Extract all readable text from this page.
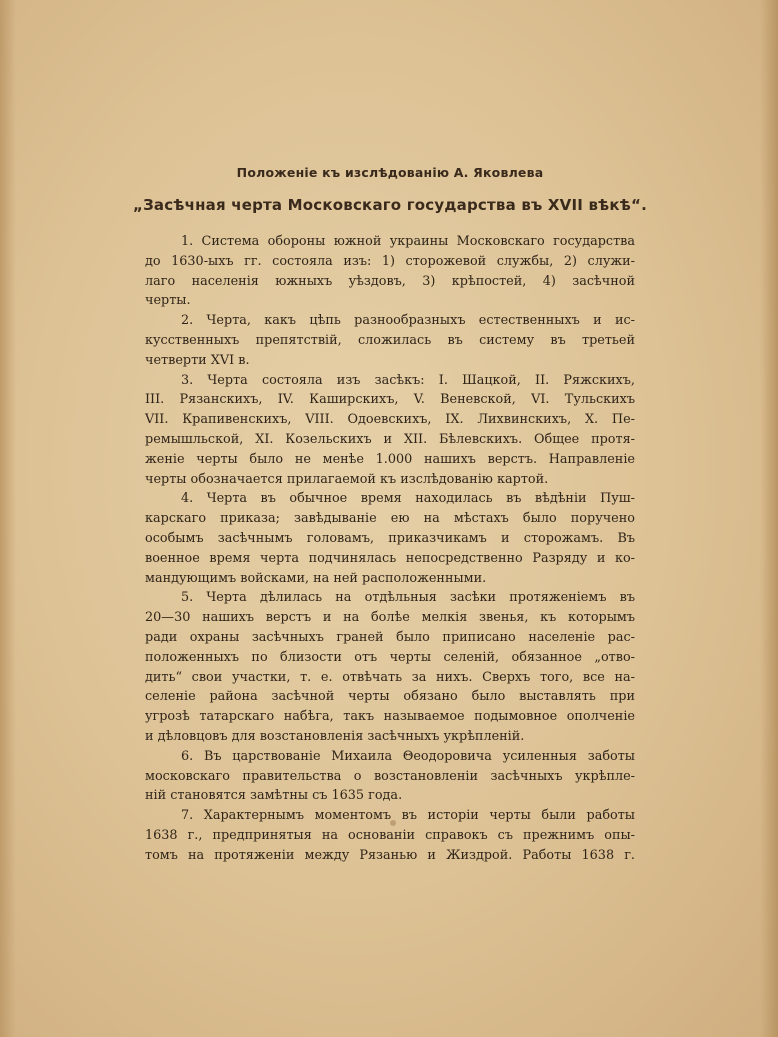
Положенiе къ изслѣдованiю А. Яковлева
„Засѣчная черта Московскаго государства въ XVII вѣкѣ“.
1. Система обороны южной украины Московскаго государства
до 1630-ыхъ гг. состояла изъ: 1) сторожевой службы, 2) служи-
лаго населенiя южныхъ уѣздовъ, 3) крѣпостей, 4) засѣчной
черты.
2. Черта, какъ цѣпь разнообразныхъ естественныхъ и ис-
кусственныхъ препятствiй, сложилась въ систему въ третьей
четверти XVI в.
3. Черта состояла изъ засѣкъ: I. Шацкой, II. Ряжскихъ,
III. Рязанскихъ, IV. Каширскихъ, V. Веневской, VI. Тульскихъ
VII. Крапивенскихъ, VIII. Одоевскихъ, IX. Лихвинскихъ, X. Пе-
ремышльской, XI. Козельскихъ и XII. Бѣлевскихъ. Общее протя-
женiе черты было не менѣе 1.000 нашихъ верстъ. Направленiе
черты обозначается прилагаемой къ изслѣдованiю картой.
4. Черта въ обычное время находилась въ вѣдѣнiи Пуш-
карскаго приказа; завѣдыванiе ею на мѣстахъ было поручено
особымъ засѣчнымъ головамъ, приказчикамъ и сторожамъ. Въ
военное время черта подчинялась непосредственно Разряду и ко-
мандующимъ войсками, на ней расположенными.
5. Черта дѣлилась на отдѣльныя засѣки протяженiемъ въ
20—30 нашихъ верстъ и на болѣе мелкiя звенья, къ которымъ
ради охраны засѣчныхъ граней было приписано населенiе рас-
положенныхъ по близости отъ черты селенiй, обязанное „отво-
дить“ свои участки, т. е. отвѣчать за нихъ. Сверхъ того, все на-
селенiе района засѣчной черты обязано было выставлять при
угрозѣ татарскаго набѣга, такъ называемое подымовное ополченiе
и дѣловцовъ для возстановленiя засѣчныхъ укрѣпленiй.
6. Въ царствованiе Михаила Θеодоровича усиленныя заботы
московскаго правительства о возстановленiи засѣчныхъ укрѣпле-
нiй становятся замѣтны съ 1635 года.
7. Характернымъ моментомъ въ исторiи черты были работы
1638 г., предпринятыя на основанiи справокъ съ прежнимъ опы-
томъ на протяженiи между Рязанью и Жиздрой. Работы 1638 г.
